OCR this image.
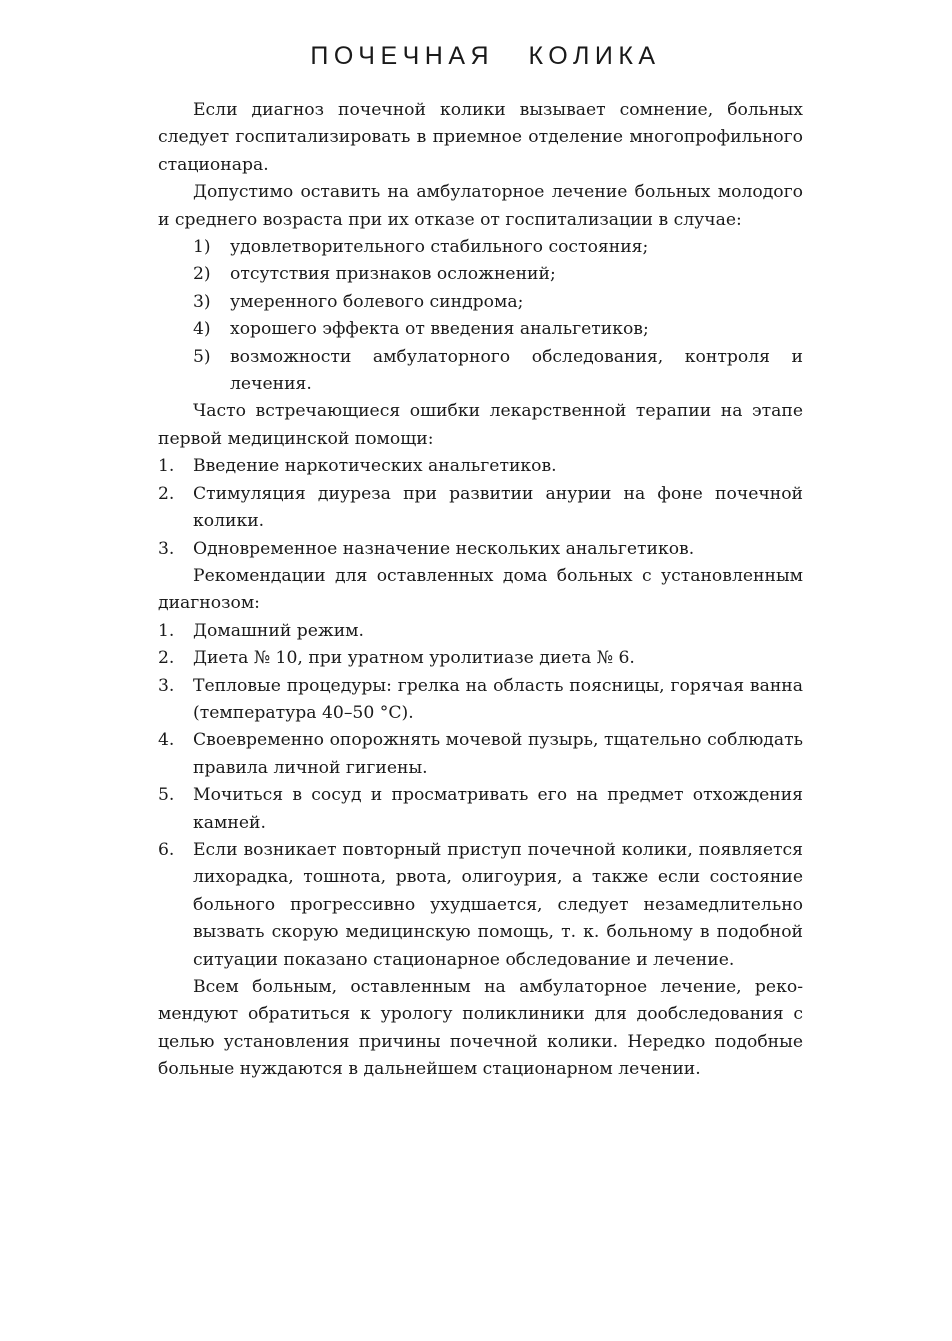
ПОЧЕЧНАЯ КОЛИКА

Если диагноз почечной колики вызывает сомнение, больных следует госпитализировать в приемное отделение многопрофильного стационара.

Допустимо оставить на амбулаторное лечение больных молодого и среднего возраста при их отказе от госпитализации в случае:

1)	удовлетворительного стабильного состояния;
2)	отсутствия признаков осложнений;
3)	умеренного болевого синдрома;
4)	хорошего эффекта от введения анальгетиков;
5)	возможности амбулаторного обследования, контроля и лечения.

Часто встречающиеся ошибки лекарственной терапии на этапе первой медицинской помощи:

1.	Введение наркотических анальгетиков.
2.	Стимуляция диуреза при развитии анурии на фоне почечной колики.
3.	Одновременное назначение нескольких анальгетиков.

Рекомендации для оставленных дома больных с установленным диагнозом:

1.	Домашний режим.
2.	Диета № 10, при уратном уролитиазе диета № 6.
3.	Тепловые процедуры: грелка на область поясницы, горячая ванна (температура 40–50 °С).
4.	Своевременно опорожнять мочевой пузырь, тщательно соблюдать правила личной гигиены.
5.	Мочиться в сосуд и просматривать его на предмет отхождения камней.
6.	Если возникает повторный приступ почечной колики, появляется лихорадка, тошнота, рвота, олигоурия, а также если состояние больного прогрессивно ухудшается, следует незамедлительно вызвать скорую медицинскую помощь, т. к. больному в подобной ситуации показано стационарное обследование и лечение.

Всем больным, оставленным на амбулаторное лечение, рекомендуют обратиться к урологу поликлиники для дообследования с целью установления причины почечной колики. Нередко подобные больные нуждаются в дальнейшем стационарном лечении.
